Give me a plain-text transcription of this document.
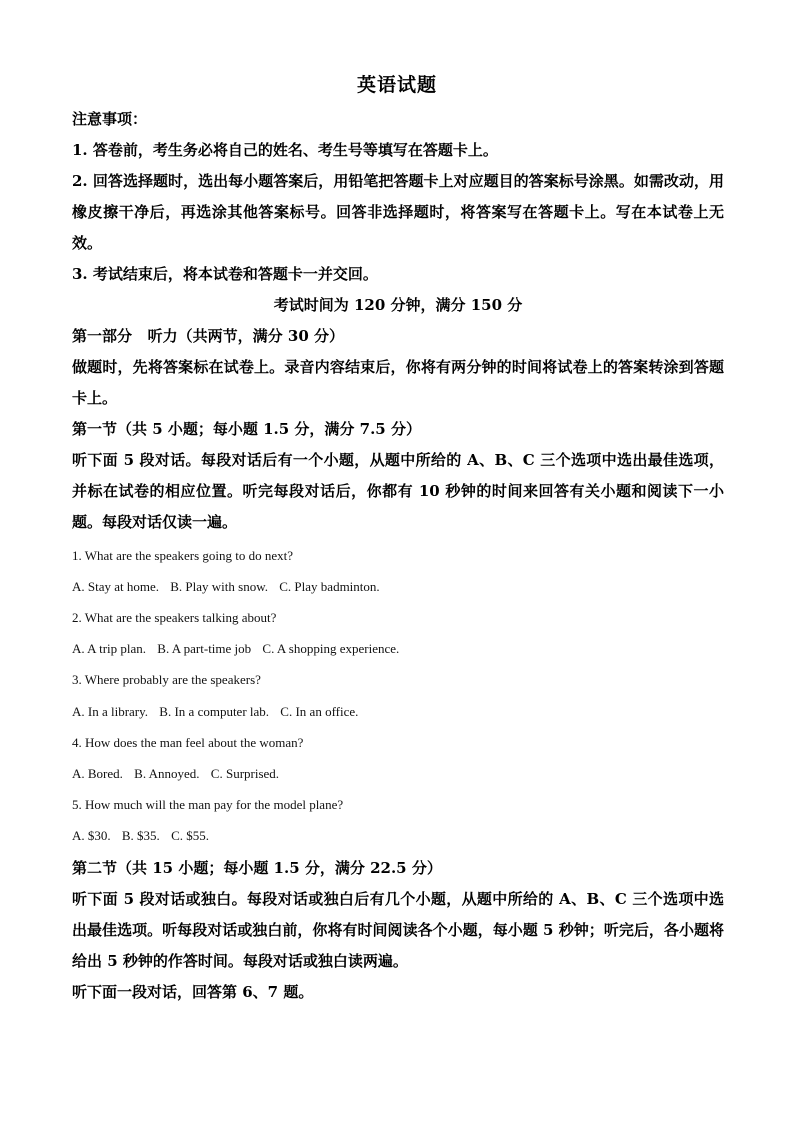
英语试题
注意事项：
1. 答卷前，考生务必将自己的姓名、考生号等填写在答题卡上。
2. 回答选择题时，选出每小题答案后，用铅笔把答题卡上对应题目的答案标号涂黑。如需改动，用橡皮擦干净后，再选涂其他答案标号。回答非选择题时，将答案写在答题卡上。写在本试卷上无效。
3. 考试结束后，将本试卷和答题卡一并交回。
考试时间为 120 分钟，满分 150 分
第一部分   听力（共两节，满分 30 分）
做题时，先将答案标在试卷上。录音内容结束后，你将有两分钟的时间将试卷上的答案转涂到答题卡上。
第一节（共 5 小题；每小题 1.5 分，满分 7.5 分）
听下面 5 段对话。每段对话后有一个小题，从题中所给的 A、B、C 三个选项中选出最佳选项，并标在试卷的相应位置。听完每段对话后，你都有 10 秒钟的时间来回答有关小题和阅读下一小题。每段对话仅读一遍。
1. What are the speakers going to do next?
A. Stay at home. B. Play with snow. C. Play badminton.
2. What are the speakers talking about?
A. A trip plan. B. A part-time job C. A shopping experience.
3. Where probably are the speakers?
A. In a library. B. In a computer lab. C. In an office.
4. How does the man feel about the woman?
A. Bored. B. Annoyed. C. Surprised.
5. How much will the man pay for the model plane?
A. $30. B. $35. C. $55.
第二节（共 15 小题；每小题 1.5 分，满分 22.5 分）
听下面 5 段对话或独白。每段对话或独白后有几个小题，从题中所给的 A、B、C 三个选项中选出最佳选项。听每段对话或独白前，你将有时间阅读各个小题，每小题 5 秒钟；听完后，各小题将给出 5 秒钟的作答时间。每段对话或独白读两遍。
听下面一段对话，回答第 6、7 题。
